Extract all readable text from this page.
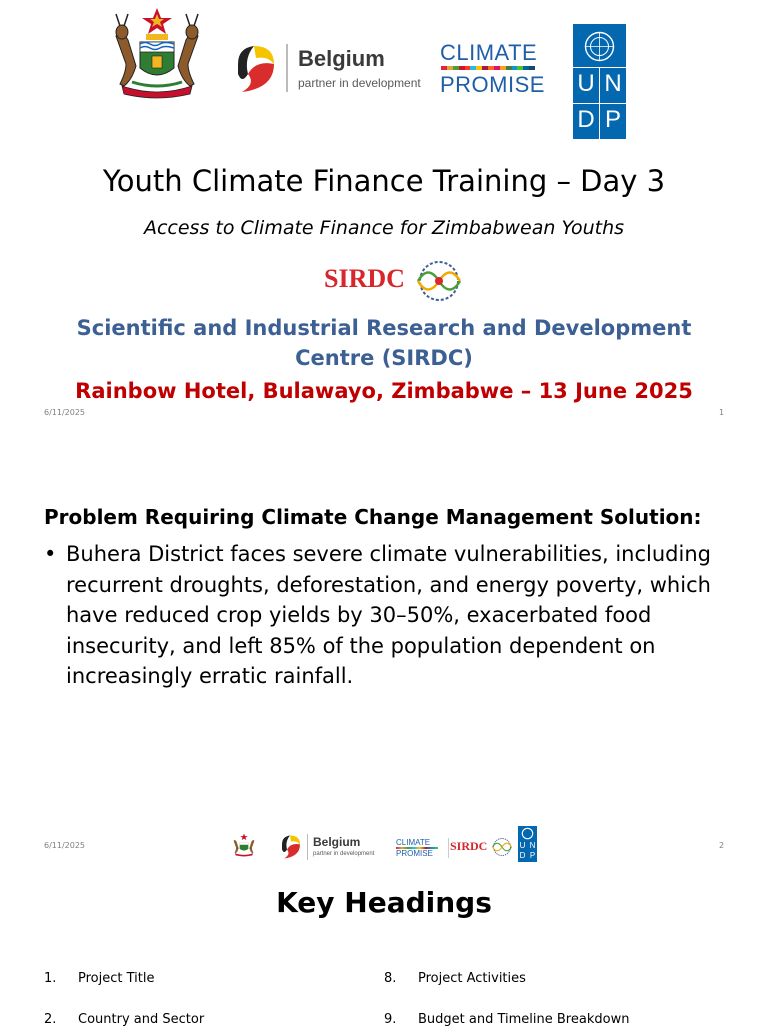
Belgium
partner in development
CLIMATE
PROMISE U N
D P
Youth Climate Finance Training – Day 3
Access to Climate Finance for Zimbabwean Youths
SIRDC
Scientific and Industrial Research and Development
Centre (SIRDC)
Rainbow Hotel, Bulawayo, Zimbabwe – 13 June 2025
6/11/2025	1
Problem Requiring Climate Change Management Solution:
• Buhera District faces severe climate vulnerabilities, including
recurrent droughts, deforestation, and energy poverty, which
have reduced crop yields by 30–50%, exacerbated food
insecurity, and left 85% of the population dependent on
increasingly erratic rainfall.
6/11/2025	2
Belgium
partner in development
CLIMATE
PROMISE
SIRDC	U N
D P
Key Headings
1. Project Title
2. Country and Sector
8. Project Activities
9. Budget and Timeline Breakdown
